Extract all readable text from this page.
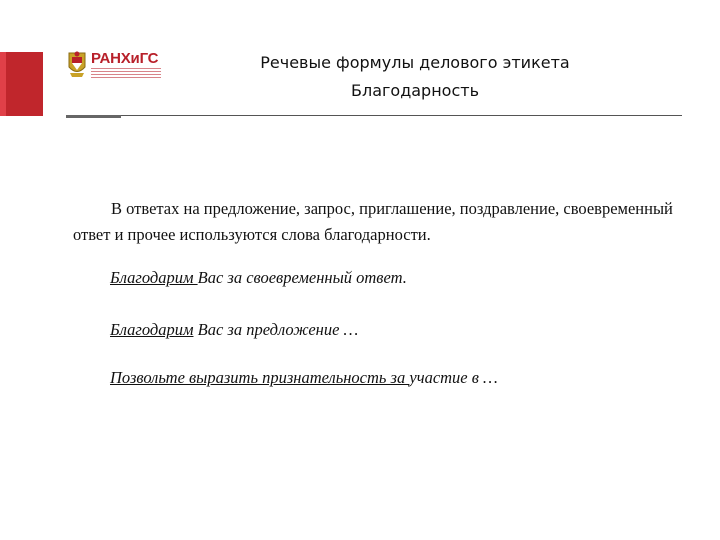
РАНХиГС	Речевые формулы делового этикета
Благодарность
В ответах на предложение, запрос, приглашение, поздравление, своевременный ответ и прочее используются слова благодарности.
Благодарим Вас за своевременный ответ.
Благодарим Вас за предложение …
Позвольте выразить признательность за участие в …
